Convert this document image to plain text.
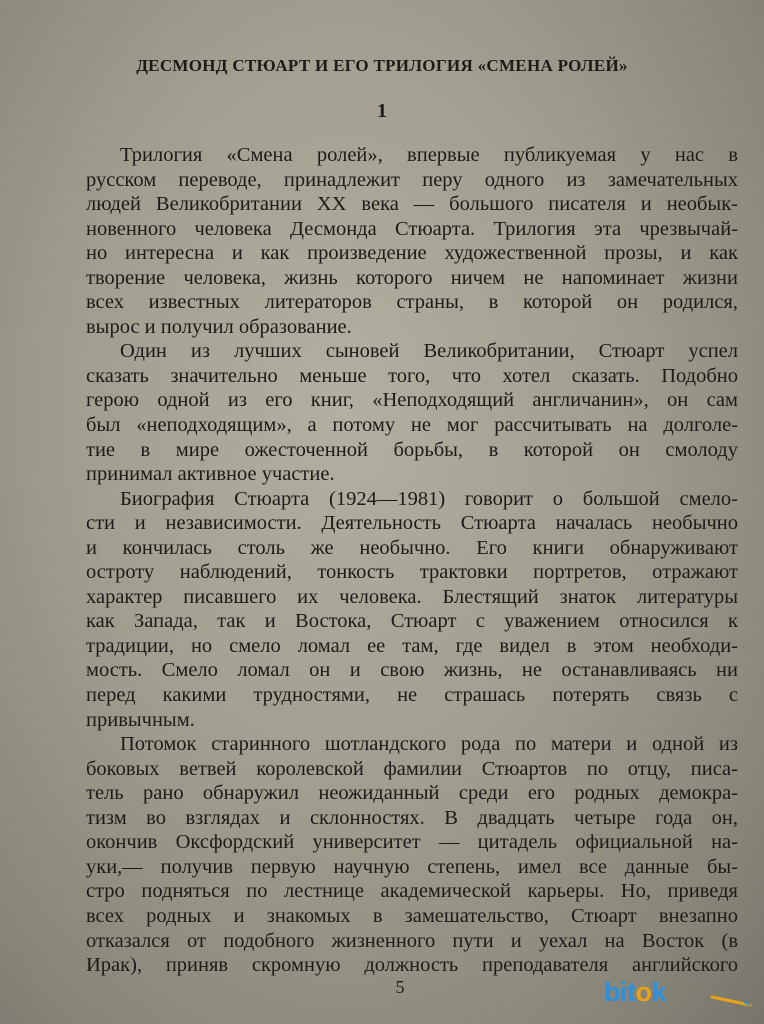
ДЕСМОНД СТЮАРТ И ЕГО ТРИЛОГИЯ «СМЕНА РОЛЕЙ»
1
Трилогия «Смена ролей», впервые публикуемая у нас в
русском переводе, принадлежит перу одного из замечательных
людей Великобритании XX века — большого писателя и необык-
новенного человека Десмонда Стюарта. Трилогия эта чрезвычай-
но интересна и как произведение художественной прозы, и как
творение человека, жизнь которого ничем не напоминает жизни
всех известных литераторов страны, в которой он родился,
вырос и получил образование.
Один из лучших сыновей Великобритании, Стюарт успел
сказать значительно меньше того, что хотел сказать. Подобно
герою одной из его книг, «Неподходящий англичанин», он сам
был «неподходящим», а потому не мог рассчитывать на долголе-
тие в мире ожесточенной борьбы, в которой он смолоду
принимал активное участие.
Биография Стюарта (1924—1981) говорит о большой смело-
сти и независимости. Деятельность Стюарта началась необычно
и кончилась столь же необычно. Его книги обнаруживают
остроту наблюдений, тонкость трактовки портретов, отражают
характер писавшего их человека. Блестящий знаток литературы
как Запада, так и Востока, Стюарт с уважением относился к
традиции, но смело ломал ее там, где видел в этом необходи-
мость. Смело ломал он и свою жизнь, не останавливаясь ни
перед какими трудностями, не страшась потерять связь с
привычным.
Потомок старинного шотландского рода по матери и одной из
боковых ветвей королевской фамилии Стюартов по отцу, писа-
тель рано обнаружил неожиданный среди его родных демокра-
тизм во взглядах и склонностях. В двадцать четыре года он,
окончив Оксфордский университет — цитадель официальной на-
уки,— получив первую научную степень, имел все данные бы-
стро подняться по лестнице академической карьеры. Но, приведя
всех родных и знакомых в замешательство, Стюарт внезапно
отказался от подобного жизненного пути и уехал на Восток (в
Ирак), приняв скромную должность преподавателя английского
5	bitok
